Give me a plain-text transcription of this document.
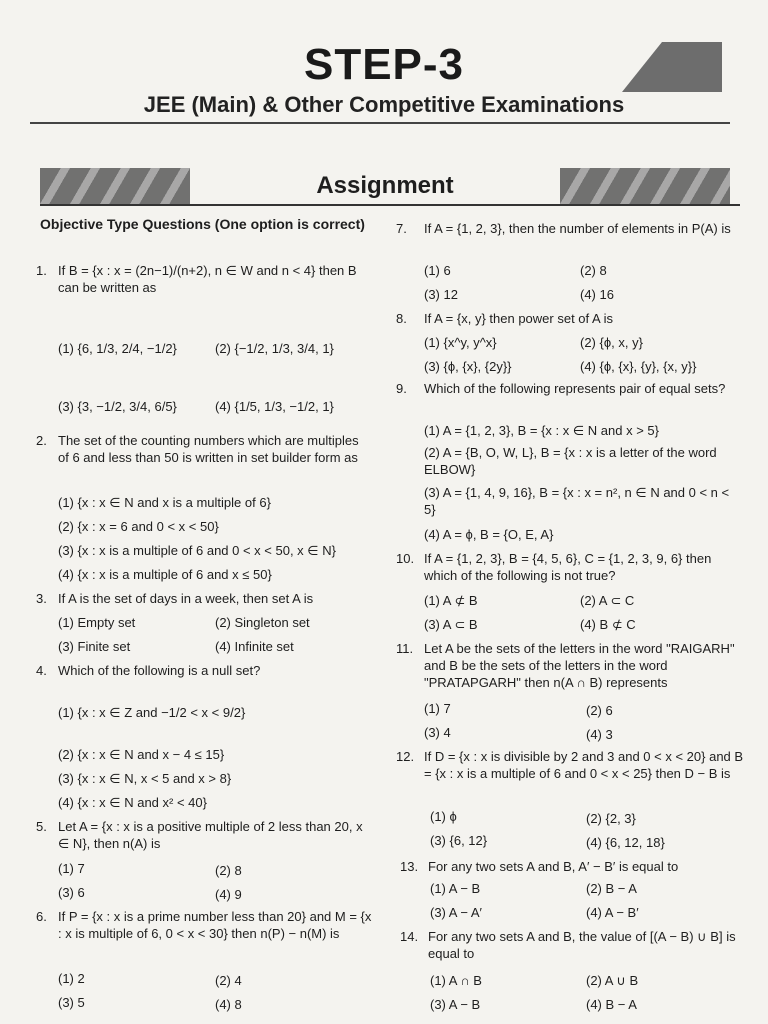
STEP-3
JEE (Main) & Other Competitive Examinations
Assignment
Objective Type Questions (One option is correct)
1. If B = {x : x = (2n−1)/(n+2), n ∈ W and n < 4} then B can be written as
(1) {6, 1/3, 2/4, −1/2}	(2) {−1/2, 1/3, 3/4, 1}
(3) {3, −1/2, 3/4, 6/5}	(4) {1/5, 1/3, −1/2, 1}
2. The set of the counting numbers which are multiples of 6 and less than 50 is written in set builder form as
(1) {x : x ∈ N and x is a multiple of 6}
(2) {x : x = 6 and 0 < x < 50}
(3) {x : x is a multiple of 6 and 0 < x < 50, x ∈ N}
(4) {x : x is a multiple of 6 and x ≤ 50}
3. If A is the set of days in a week, then set A is
(1) Empty set	(2) Singleton set
(3) Finite set	(4) Infinite set
4. Which of the following is a null set?
(1) {x : x ∈ Z and −1/2 < x < 9/2}
(2) {x : x ∈ N and x − 4 ≤ 15}
(3) {x : x ∈ N, x < 5 and x > 8}
(4) {x : x ∈ N and x² < 40}
5. Let A = {x : x is a positive multiple of 2 less than 20, x ∈ N}, then n(A) is
(1) 7	(2) 8
(3) 6	(4) 9
6. If P = {x : x is a prime number less than 20} and M = {x : x is multiple of 6, 0 < x < 30} then n(P) − n(M) is
(1) 2	(2) 4
(3) 5	(4) 8
7. If A = {1, 2, 3}, then the number of elements in P(A) is
(1) 6	(2) 8
(3) 12	(4) 16
8. If A = {x, y} then power set of A is
(1) {x^y, y^x}	(2) {ϕ, x, y}
(3) {ϕ, {x}, {2y}}	(4) {ϕ, {x}, {y}, {x, y}}
9. Which of the following represents pair of equal sets?
(1) A = {1, 2, 3}, B = {x : x ∈ N and x > 5}
(2) A = {B, O, W, L}, B = {x : x is a letter of the word ELBOW}
(3) A = {1, 4, 9, 16}, B = {x : x = n², n ∈ N and 0 < n < 5}
(4) A = ϕ, B = {O, E, A}
10. If A = {1, 2, 3}, B = {4, 5, 6}, C = {1, 2, 3, 9, 6} then which of the following is not true?
(1) A ⊄ B	(2) A ⊂ C
(3) A ⊂ B	(4) B ⊄ C
11. Let A be the sets of the letters in the word "RAIGARH" and B be the sets of the letters in the word "PRATAPGARH" then n(A ∩ B) represents
(1) 7	(2) 6
(3) 4	(4) 3
12. If D = {x : x is divisible by 2 and 3 and 0 < x < 20} and B = {x : x is a multiple of 6 and 0 < x < 25} then D − B is
(1) ϕ	(2) {2, 3}
(3) {6, 12}	(4) {6, 12, 18}
13. For any two sets A and B, A′ − B′ is equal to
(1) A − B	(2) B − A
(3) A − A′	(4) A − B′
14. For any two sets A and B, the value of [(A − B) ∪ B] is equal to
(1) A ∩ B	(2) A ∪ B
(3) A − B	(4) B − A
